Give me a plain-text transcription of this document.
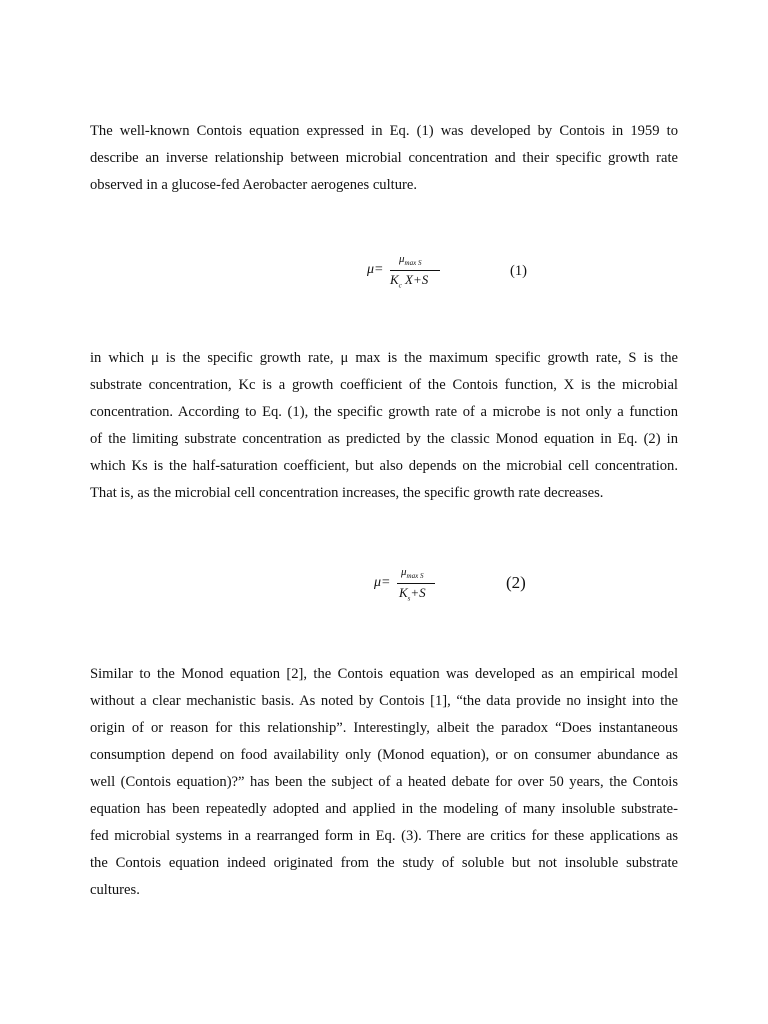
The well-known Contois equation expressed in Eq. (1) was developed by Contois in 1959 to
describe an inverse relationship between microbial concentration and their specific growth rate
observed in a glucose-fed Aerobacter aerogenes culture.
μ=
$\mu_{max S}$
$K_c$ X+S
(1)
in which μ is the specific growth rate, μ max is the maximum specific growth rate, S is the
substrate concentration, Kc is a growth coefficient of the Contois function, X is the microbial
concentration. According to Eq. (1), the specific growth rate of a microbe is not only a function
of the limiting substrate concentration as predicted by the classic Monod equation in Eq. (2) in
which Ks is the half-saturation coefficient, but also depends on the microbial cell concentration.
That is, as the microbial cell concentration increases, the specific growth rate decreases.
μ=
$\mu_{max S}$
$K_s+S$
(2)
Similar to the Monod equation [2], the Contois equation was developed as an empirical model
without a clear mechanistic basis. As noted by Contois [1], “the data provide no insight into the
origin of or reason for this relationship”. Interestingly, albeit the paradox “Does instantaneous
consumption depend on food availability only (Monod equation), or on consumer abundance as
well (Contois equation)?” has been the subject of a heated debate for over 50 years, the Contois
equation has been repeatedly adopted and applied in the modeling of many insoluble substrate-
fed microbial systems in a rearranged form in Eq. (3). There are critics for these applications as
the Contois equation indeed originated from the study of soluble but not insoluble substrate
cultures.
